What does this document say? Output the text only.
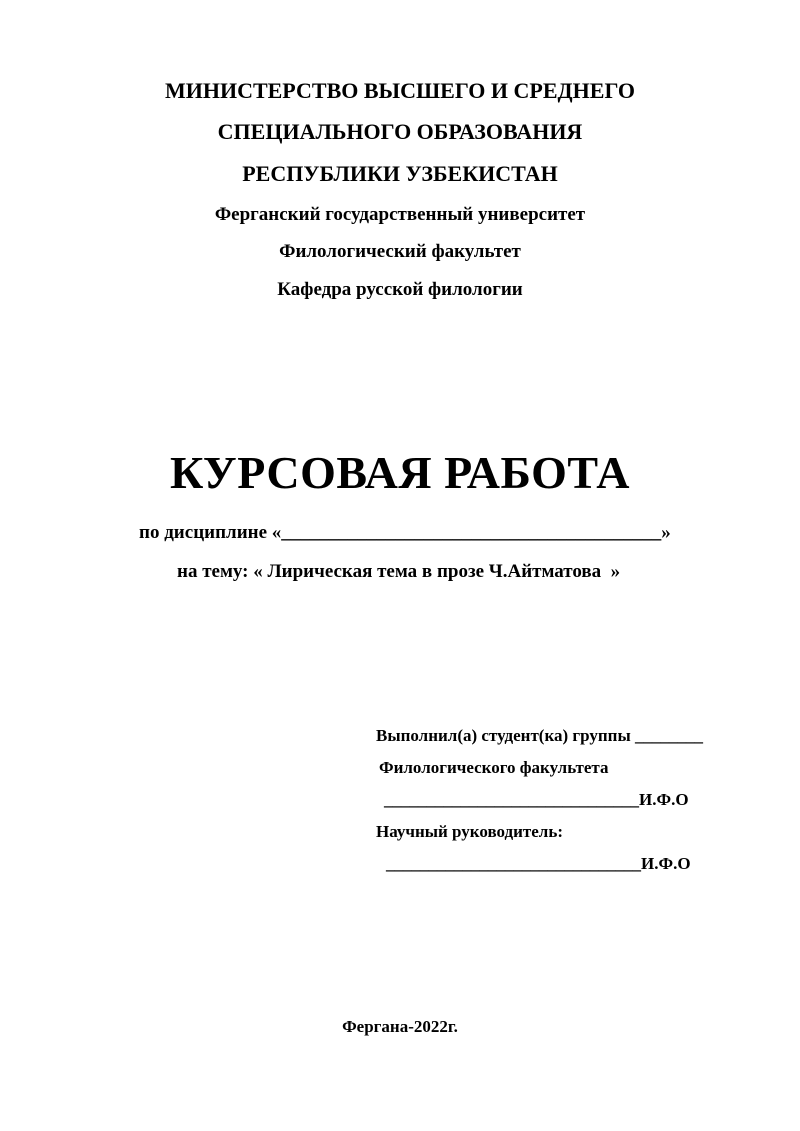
МИНИСТЕРСТВО ВЫСШЕГО И СРЕДНЕГО
СПЕЦИАЛЬНОГО ОБРАЗОВАНИЯ
РЕСПУБЛИКИ УЗБЕКИСТАН
Ферганский государственный университет
Филологический факультет
Кафедра русской филологии
КУРСОВАЯ РАБОТА
по дисциплине «________________________________________»
на тему: « Лирическая тема в прозе Ч.Айтматова  »
Выполнил(а) студент(ка) группы ________
Филологического факультета
______________________________И.Ф.О
Научный руководитель:
______________________________И.Ф.О
Фергана-2022г.
